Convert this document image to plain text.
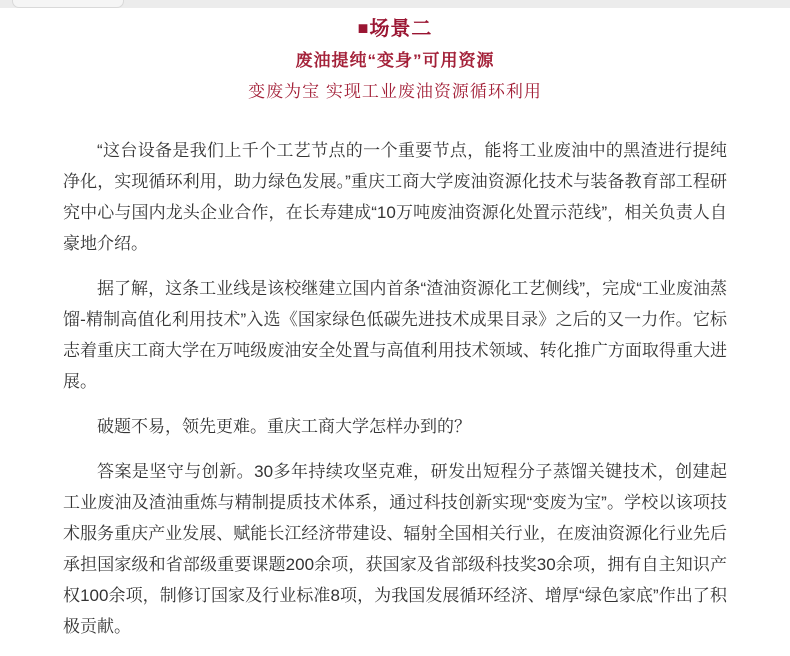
■场景二
废油提纯“变身”可用资源
变废为宝 实现工业废油资源循环利用

“这台设备是我们上千个工艺节点的一个重要节点，能将工业废油中的黑渣进行提纯净化，实现循环利用，助力绿色发展。”重庆工商大学废油资源化技术与装备教育部工程研究中心与国内龙头企业合作，在长寿建成“10万吨废油资源化处置示范线”，相关负责人自豪地介绍。

据了解，这条工业线是该校继建立国内首条“渣油资源化工艺侧线”，完成“工业废油蒸馏-精制高值化利用技术”入选《国家绿色低碳先进技术成果目录》之后的又一力作。它标志着重庆工商大学在万吨级废油安全处置与高值利用技术领域、转化推广方面取得重大进展。

破题不易，领先更难。重庆工商大学怎样办到的？

答案是坚守与创新。30多年持续攻坚克难，研发出短程分子蒸馏关键技术，创建起工业废油及渣油重炼与精制提质技术体系，通过科技创新实现“变废为宝”。学校以该项技术服务重庆产业发展、赋能长江经济带建设、辐射全国相关行业，在废油资源化行业先后承担国家级和省部级重要课题200余项，获国家及省部级科技奖30余项，拥有自主知识产权100余项，制修订国家及行业标准8项，为我国发展循环经济、增厚“绿色家底”作出了积极贡献。
